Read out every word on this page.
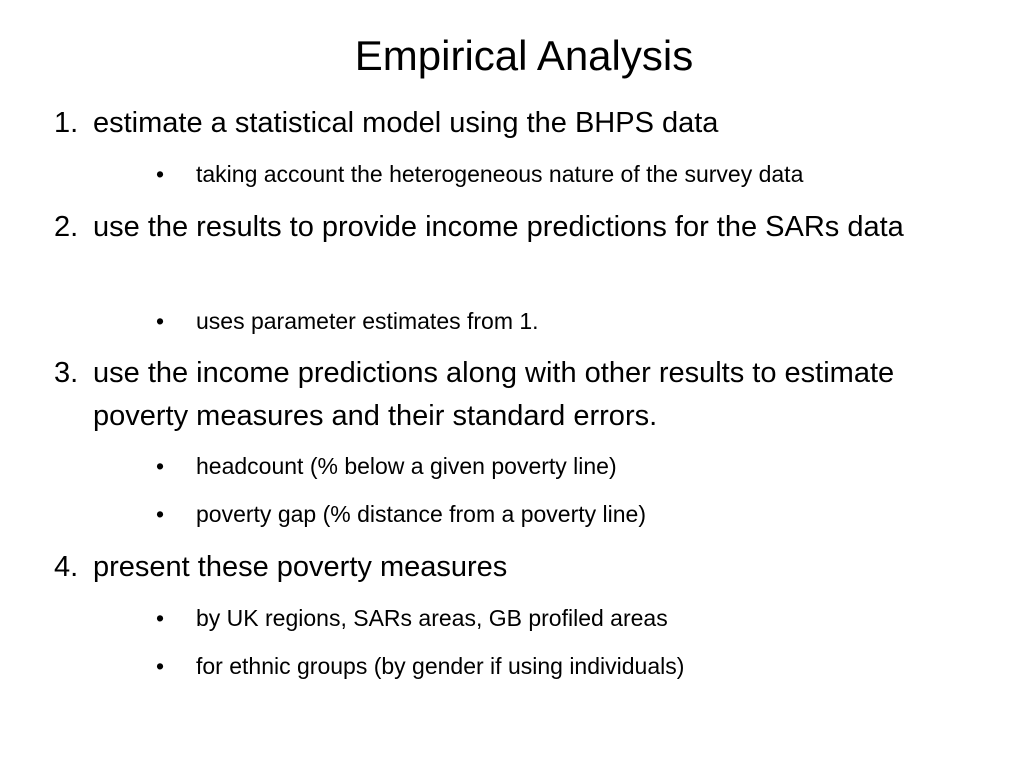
Empirical Analysis
1. estimate a statistical model using the BHPS data
• taking account the heterogeneous nature of the survey data
2. use the results to provide income predictions for the SARs data
• uses parameter estimates from 1.
3. use the income predictions along with other results to estimate poverty measures and their standard errors.
• headcount (% below a given poverty line)
• poverty gap (% distance from a poverty line)
4. present these poverty measures
• by UK regions, SARs areas, GB profiled areas
• for ethnic groups (by gender if using individuals)
